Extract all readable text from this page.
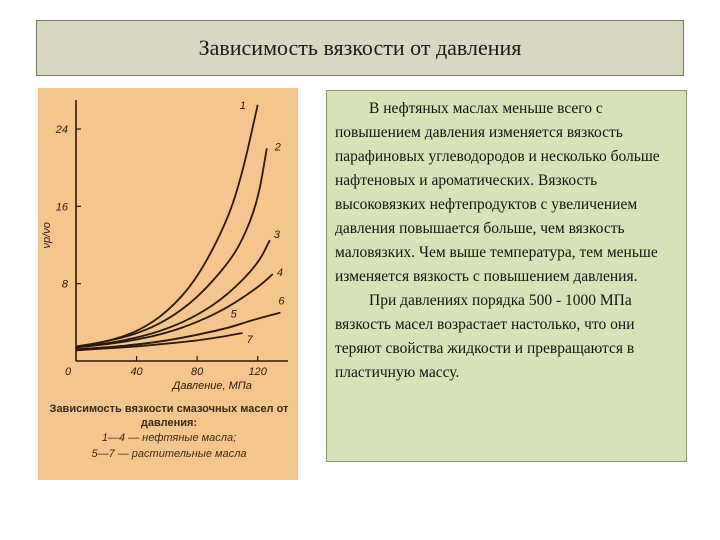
Зависимость вязкости от давления
0	40	80	120
8
16
24
Давление, МПа
νp/νo
1
2
3
4
5
6
7
Зависимость вязкости смазочных масел от давления:
1—4 — нефтяные масла;
5—7 — растительные масла

В нефтяных маслах меньше всего с повышением давления изменяется вязкость парафиновых углеводородов и несколько больше нафтеновых и ароматических. Вязкость высоковязких нефтепродуктов с увеличением давления повышается больше, чем вязкость маловязких. Чем выше температура, тем меньше изменяется вязкость с повышением давления.

При давлениях порядка 500 - 1000 МПа вязкость масел возрастает настолько, что они теряют свойства жидкости и превращаются в пластичную массу.
